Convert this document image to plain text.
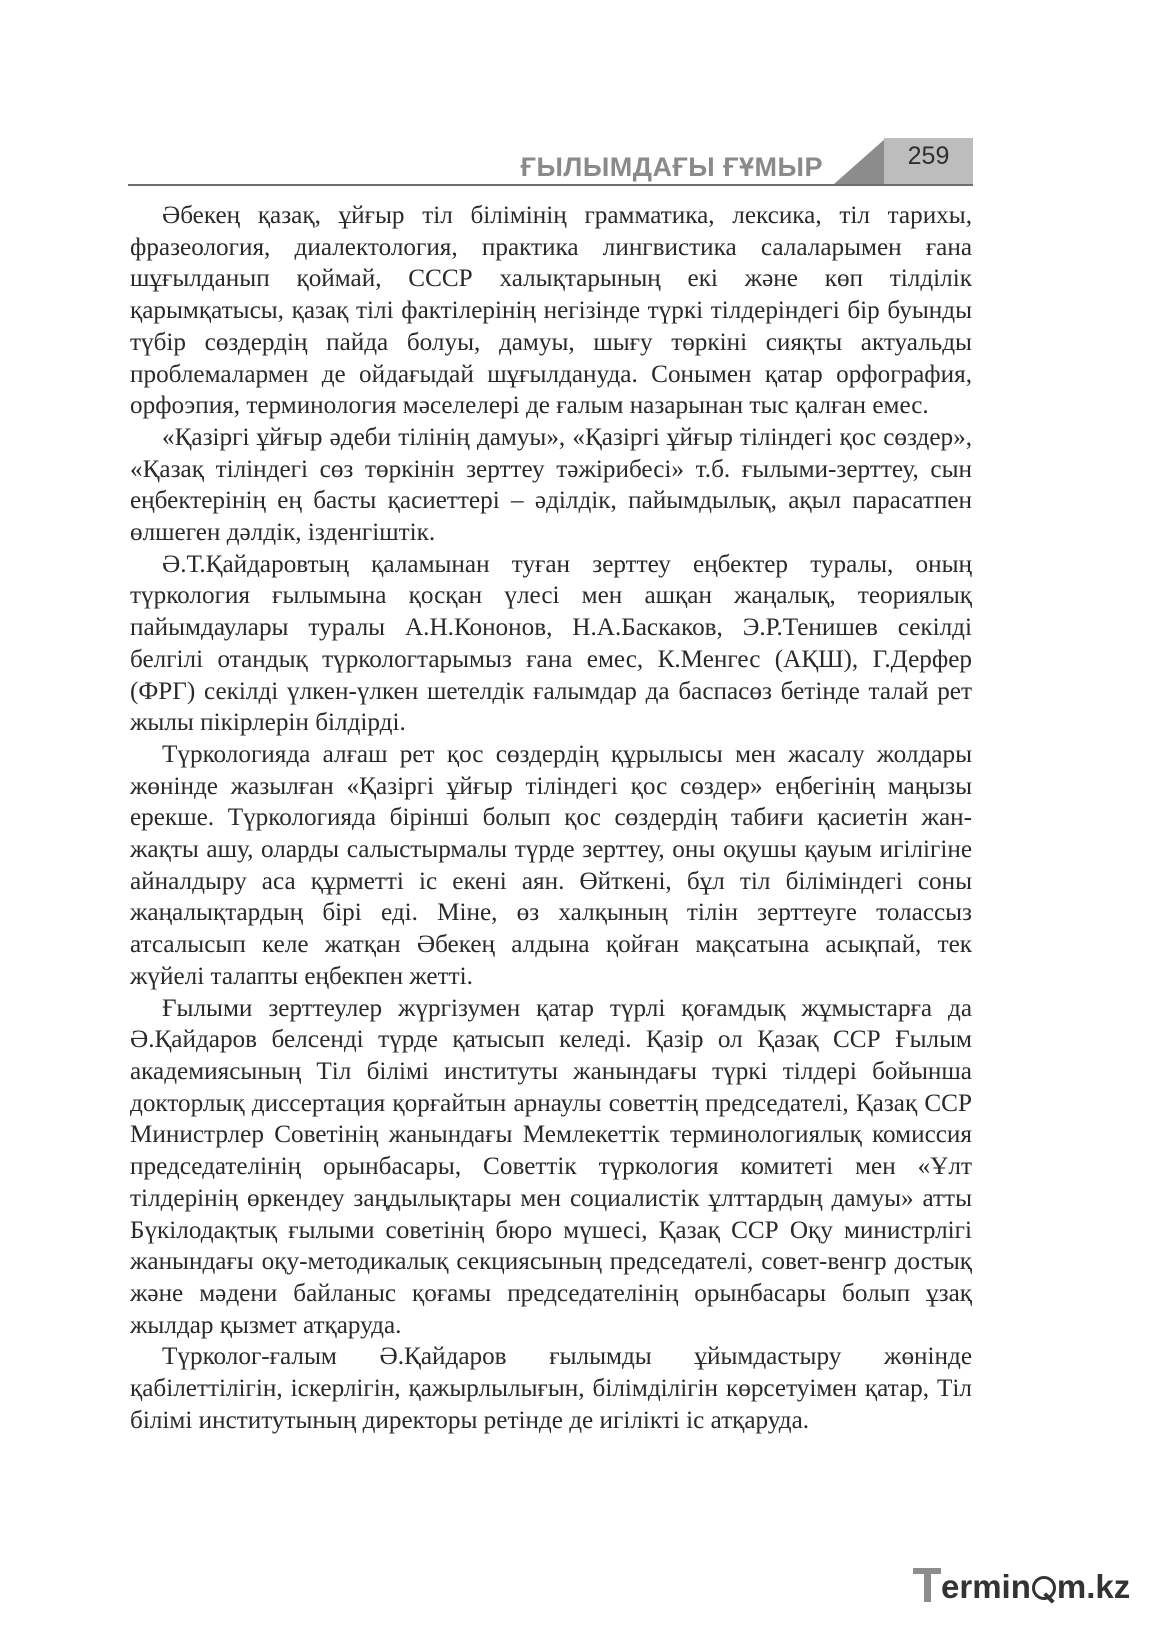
ҒЫЛЫМДАҒЫ ҒҰМЫР	259

Әбекең қазақ, ұйғыр тіл білімінің грамматика, лексика, тіл тарихы, фразеология, диалектология, практика лингвистика салаларымен ғана шұғылданып қоймай, СССР халықтарының екі және көп тілділік қарымқатысы, қазақ тілі фактілерінің негізінде түркі тілдеріндегі бір буынды түбір сөздердің пайда болуы, дамуы, шығу төркіні сияқты актуальды проблемалармен де ойдағыдай шұғылдануда. Сонымен қатар орфография, орфоэпия, терминология мәселелері де ғалым назарынан тыс қалған емес.

«Қазіргі ұйғыр әдеби тілінің дамуы», «Қазіргі ұйғыр тіліндегі қос сөздер», «Қазақ тіліндегі сөз төркінін зерттеу тәжірибесі» т.б. ғылыми-зерттеу, сын еңбектерінің ең басты қасиеттері – әділдік, пайымдылық, ақыл парасатпен өлшеген дәлдік, ізденгіштік.

Ә.Т.Қайдаровтың қаламынан туған зерттеу еңбектер туралы, оның түркология ғылымына қосқан үлесі мен ашқан жаңалық, теориялық пайымдаулары туралы А.Н.Кононов, Н.А.Баскаков, Э.Р.Тенишев секілді белгілі отандық түркологтарымыз ғана емес, К.Менгес (АҚШ), Г.Дерфер (ФРГ) секілді үлкен-үлкен шетелдік ғалымдар да баспасөз бетінде талай рет жылы пікірлерін білдірді.

Түркологияда алғаш рет қос сөздердің құрылысы мен жасалу жолдары жөнінде жазылған «Қазіргі ұйғыр тіліндегі қос сөздер» еңбегінің маңызы ерекше. Түркологияда бірінші болып қос сөздердің табиғи қасиетін жан-жақты ашу, оларды салыстырмалы түрде зерттеу, оны оқушы қауым игілігіне айналдыру аса құрметті іс екені аян. Өйткені, бұл тіл біліміндегі соны жаңалықтардың бірі еді. Міне, өз халқының тілін зерттеуге толассыз атсалысып келе жатқан Әбекең алдына қойған мақсатына асықпай, тек жүйелі талапты еңбекпен жетті.

Ғылыми зерттеулер жүргізумен қатар түрлі қоғамдық жұмыстарға да Ә.Қайдаров белсенді түрде қатысып келеді. Қазір ол Қазақ ССР Ғылым академиясының Тіл білімі институты жанындағы түркі тілдері бойынша докторлық диссертация қорғайтын арнаулы советтің председателі, Қазақ ССР Министрлер Советінің жанындағы Мемлекеттік терминологиялық комиссия председателінің орынбасары, Советтік түркология комитеті мен «Ұлт тілдерінің өркендеу заңдылықтары мен социалистік ұлттардың дамуы» атты Бүкілодақтық ғылыми советінің бюро мүшесі, Қазақ ССР Оқу министрлігі жанындағы оқу-методикалық секциясының председателі, совет-венгр достық және мәдени байланыс қоғамы председателінің орынбасары болып ұзақ жылдар қызмет атқаруда.

Түрколог-ғалым Ә.Қайдаров ғылымды ұйымдастыру жөнінде қабілеттілігін, іскерлігін, қажырлылығын, білімділігін көрсетуімен қатар, Тіл білімі институтының директоры ретінде де игілікті іс атқаруда.

ermin m.kz
